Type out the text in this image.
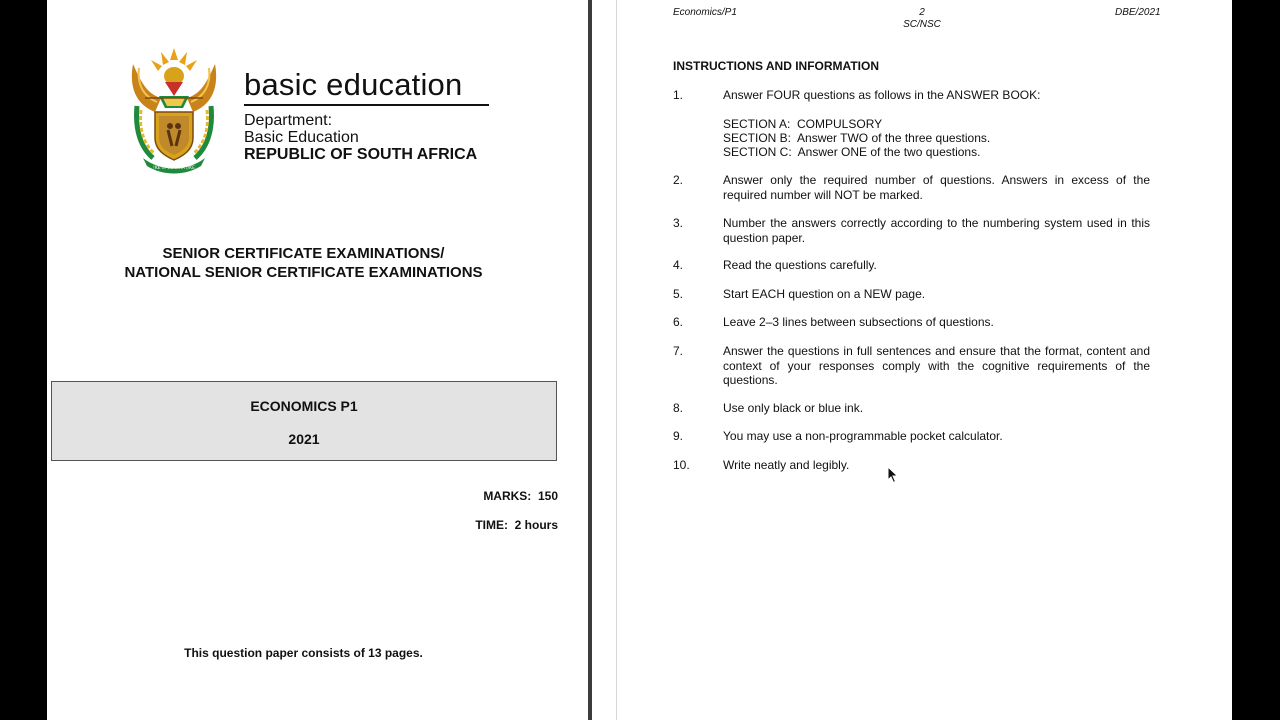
!KE E: /XARRA //KE
basic education
Department:
Basic Education
REPUBLIC OF SOUTH AFRICA
SENIOR CERTIFICATE EXAMINATIONS/
NATIONAL SENIOR CERTIFICATE EXAMINATIONS
ECONOMICS P1
2021
MARKS:  150
TIME:  2 hours
This question paper consists of 13 pages.
Economics/P1	2
SC/NSC
DBE/2021
INSTRUCTIONS AND INFORMATION
1.	Answer FOUR questions as follows in the ANSWER BOOK:
SECTION A:  COMPULSORY
SECTION B:  Answer TWO of the three questions.
SECTION C:  Answer ONE of the two questions.
2.	Answer only the required number of questions. Answers in excess of the required number will NOT be marked.
3.	Number the answers correctly according to the numbering system used in this question paper.
4.	Read the questions carefully.
5.	Start EACH question on a NEW page.
6.	Leave 2–3 lines between subsections of questions.
7.	Answer the questions in full sentences and ensure that the format, content and context of your responses comply with the cognitive requirements of the questions.
8.	Use only black or blue ink.
9.	You may use a non-programmable pocket calculator.
10.	Write neatly and legibly.
